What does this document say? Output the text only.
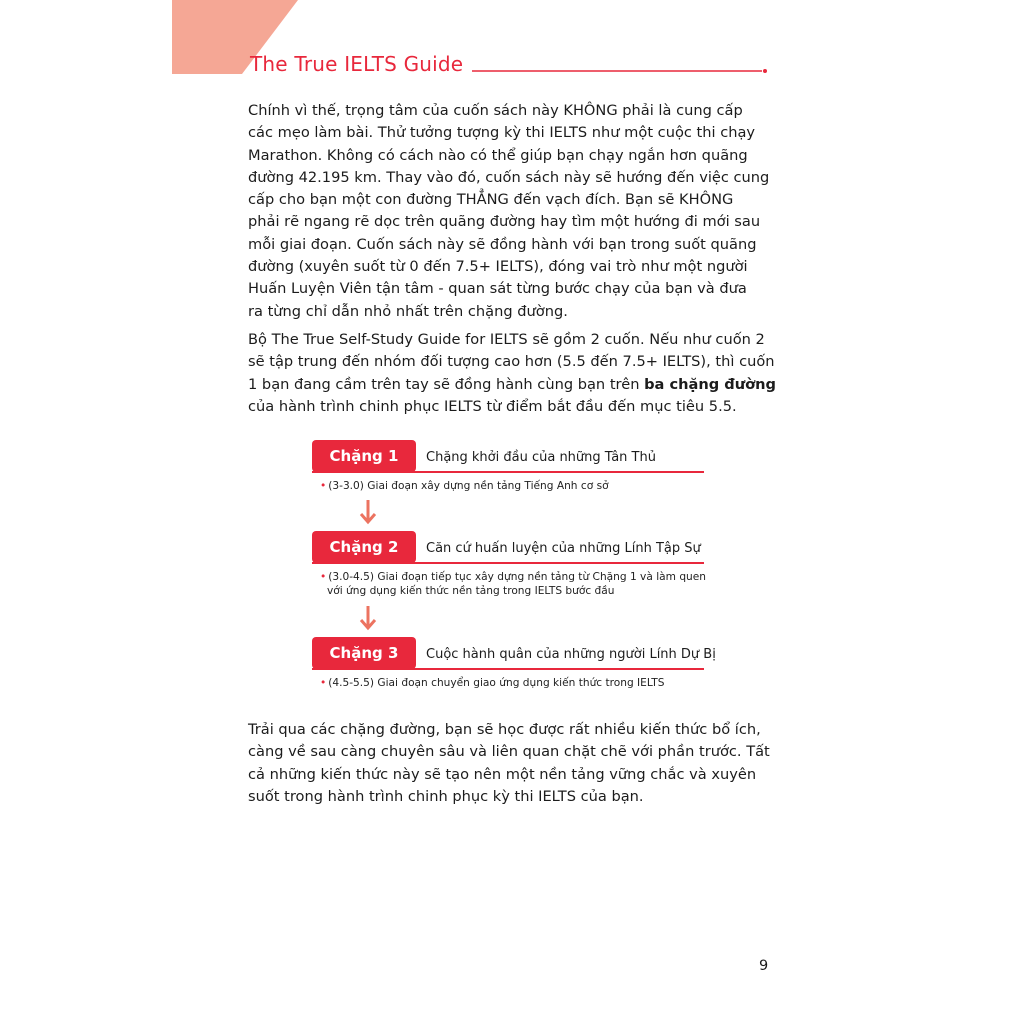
The True IELTS Guide

Chính vì thế, trọng tâm của cuốn sách này KHÔNG phải là cung cấp
các mẹo làm bài. Thử tưởng tượng kỳ thi IELTS như một cuộc thi chạy
Marathon. Không có cách nào có thể giúp bạn chạy ngắn hơn quãng
đường 42.195 km. Thay vào đó, cuốn sách này sẽ hướng đến việc cung
cấp cho bạn một con đường THẲNG đến vạch đích. Bạn sẽ KHÔNG
phải rẽ ngang rẽ dọc trên quãng đường hay tìm một hướng đi mới sau
mỗi giai đoạn. Cuốn sách này sẽ đồng hành với bạn trong suốt quãng
đường (xuyên suốt từ 0 đến 7.5+ IELTS), đóng vai trò như một người
Huấn Luyện Viên tận tâm - quan sát từng bước chạy của bạn và đưa
ra từng chỉ dẫn nhỏ nhất trên chặng đường.

Bộ The True Self-Study Guide for IELTS sẽ gồm 2 cuốn. Nếu như cuốn 2
sẽ tập trung đến nhóm đối tượng cao hơn (5.5 đến 7.5+ IELTS), thì cuốn
1 bạn đang cầm trên tay sẽ đồng hành cùng bạn trên ba chặng đường
của hành trình chinh phục IELTS từ điểm bắt đầu đến mục tiêu 5.5.

Chặng 1	Chặng khởi đầu của những Tân Thủ
• (3-3.0) Giai đoạn xây dựng nền tảng Tiếng Anh cơ sở
Chặng 2	Căn cứ huấn luyện của những Lính Tập Sự
• (3.0-4.5) Giai đoạn tiếp tục xây dựng nền tảng từ Chặng 1 và làm quen
với ứng dụng kiến thức nền tảng trong IELTS bước đầu
Chặng 3	Cuộc hành quân của những người Lính Dự Bị
• (4.5-5.5) Giai đoạn chuyển giao ứng dụng kiến thức trong IELTS

Trải qua các chặng đường, bạn sẽ học được rất nhiều kiến thức bổ ích,
càng về sau càng chuyên sâu và liên quan chặt chẽ với phần trước. Tất
cả những kiến thức này sẽ tạo nên một nền tảng vững chắc và xuyên
suốt trong hành trình chinh phục kỳ thi IELTS của bạn.

9
